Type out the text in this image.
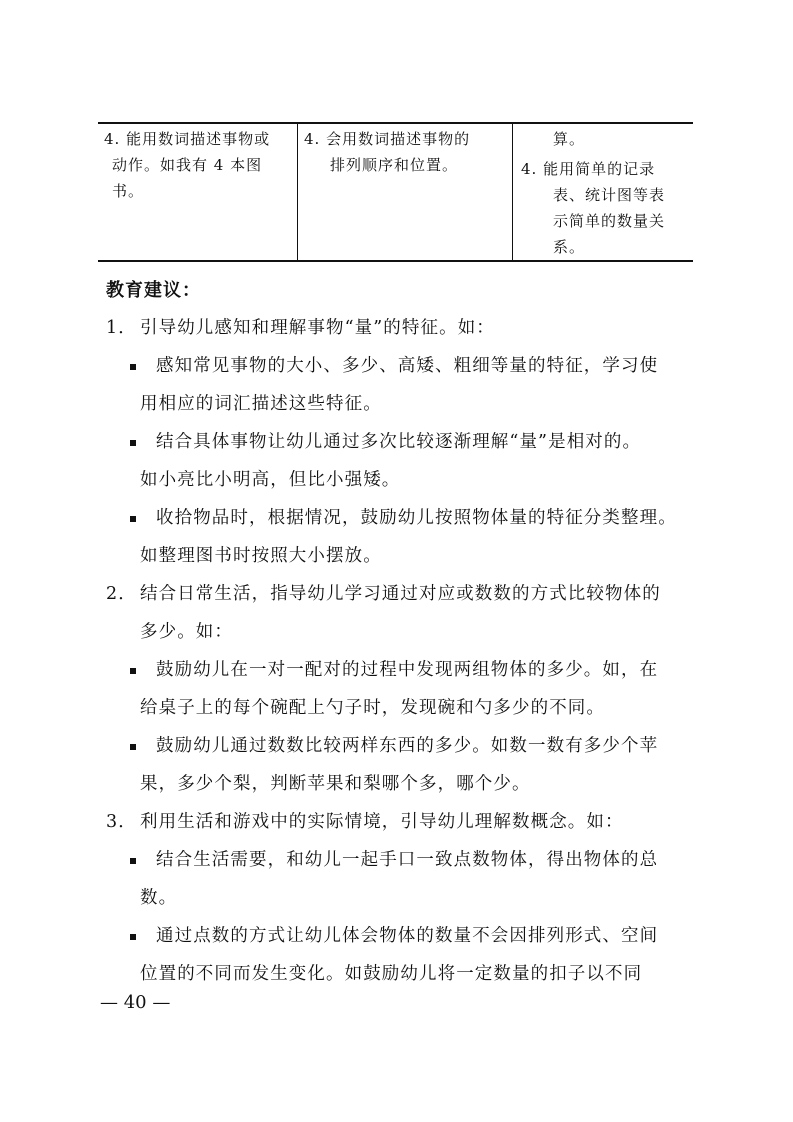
4. 能用数词描述事物或
动作。如我有 4 本图
书。
4. 会用数词描述事物的
排列顺序和位置。
算。
4. 能用简单的记录
表、统计图等表
示简单的数量关
系。
教育建议：
1． 引导幼儿感知和理解事物“量”的特征。如：
感知常见事物的大小、多少、高矮、粗细等量的特征，学习使
用相应的词汇描述这些特征。
结合具体事物让幼儿通过多次比较逐渐理解“量”是相对的。
如小亮比小明高，但比小强矮。
收拾物品时，根据情况，鼓励幼儿按照物体量的特征分类整理。
如整理图书时按照大小摆放。
2． 结合日常生活，指导幼儿学习通过对应或数数的方式比较物体的
多少。如：
鼓励幼儿在一对一配对的过程中发现两组物体的多少。如，在
给桌子上的每个碗配上勺子时，发现碗和勺多少的不同。
鼓励幼儿通过数数比较两样东西的多少。如数一数有多少个苹
果，多少个梨，判断苹果和梨哪个多，哪个少。
3． 利用生活和游戏中的实际情境，引导幼儿理解数概念。如：
结合生活需要，和幼儿一起手口一致点数物体，得出物体的总
数。
通过点数的方式让幼儿体会物体的数量不会因排列形式、空间
位置的不同而发生变化。如鼓励幼儿将一定数量的扣子以不同
— 40 —
